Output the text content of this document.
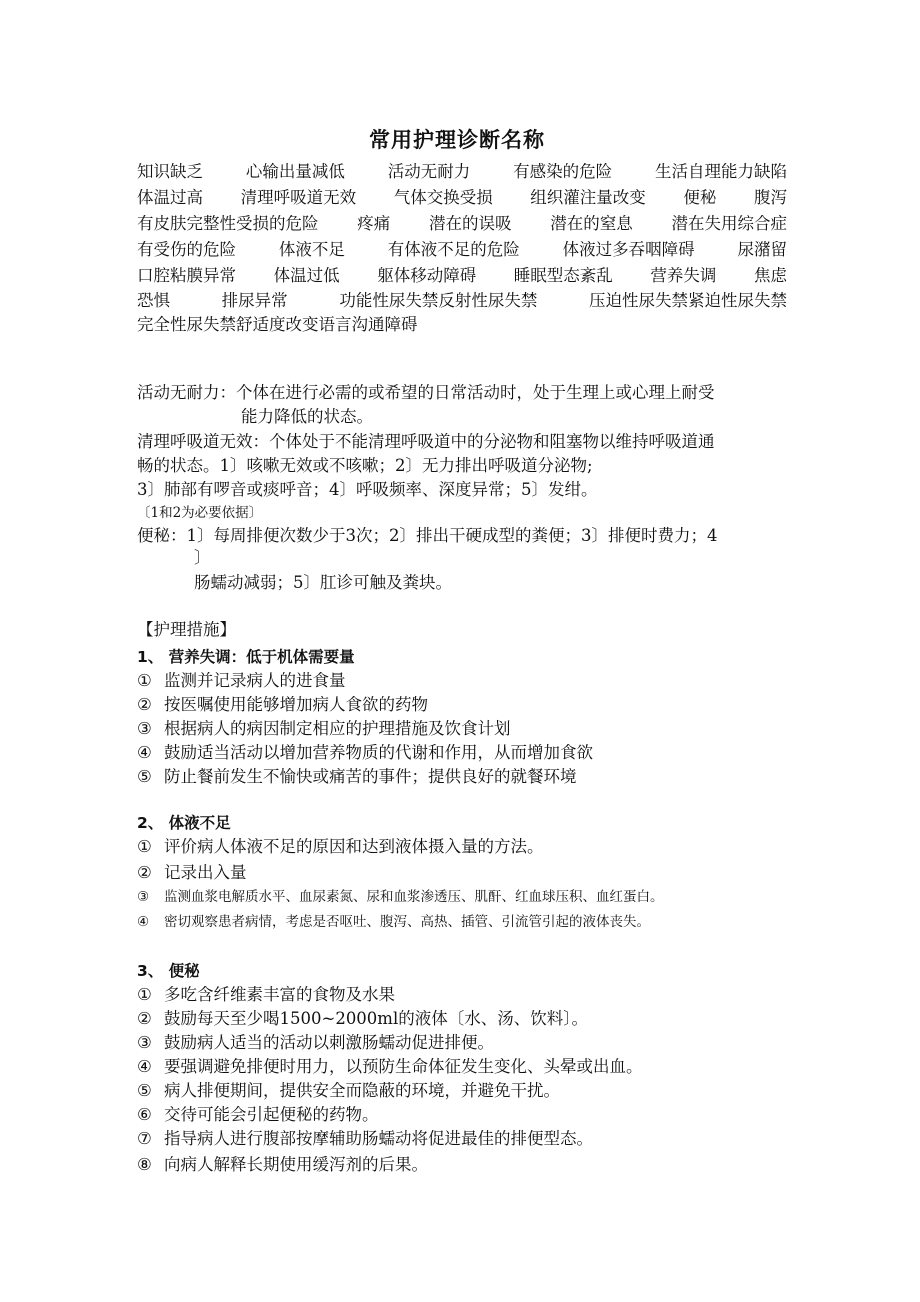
常用护理诊断名称
知识缺乏	心输出量减低	活动无耐力	有感染的危险	生活自理能力缺陷
体温过高 清理呼吸道无效 气体交换受损 组织灌注量改变 便秘 腹泻
有皮肤完整性受损的危险 疼痛 潜在的误吸 潜在的窒息 潜在失用综合症
有受伤的危险	体液不足	有体液不足的危险	体液过多吞咽障碍	尿潴留
口腔粘膜异常 体温过低 躯体移动障碍 睡眠型态紊乱 营养失调 焦虑
恐惧	排尿异常	功能性尿失禁反射性尿失禁	压迫性尿失禁紧迫性尿失禁
完全性尿失禁舒适度改变语言沟通障碍
活动无耐力：个体在进行必需的或希望的日常活动时，处于生理上或心理上耐受
能力降低的状态。
清理呼吸道无效：个体处于不能清理呼吸道中的分泌物和阻塞物以维持呼吸道通
畅的状态。1〕咳嗽无效或不咳嗽；2〕无力排出呼吸道分泌物;
3〕肺部有啰音或痰呼音；4〕呼吸频率、深度异常；5〕发绀。
〔1和2为必要依据〕
便秘：1〕每周排便次数少于3次；2〕排出干硬成型的粪便；3〕排便时费力；4
〕
肠蠕动减弱；5〕肛诊可触及粪块。
【护理措施】
1、 营养失调：低于机体需要量
① 监测并记录病人的进食量
② 按医嘱使用能够增加病人食欲的药物
③ 根据病人的病因制定相应的护理措施及饮食计划
④ 鼓励适当活动以增加营养物质的代谢和作用，从而增加食欲
⑤ 防止餐前发生不愉快或痛苦的事件；提供良好的就餐环境
2、 体液不足
① 评价病人体液不足的原因和达到液体摄入量的方法。
② 记录出入量
③ 监测血浆电解质水平、血尿素氮、尿和血浆渗透压、肌酐、红血球压积、血红蛋白。
④ 密切观察患者病情，考虑是否呕吐、腹泻、高热、插管、引流管引起的液体丧失。
3、 便秘
① 多吃含纤维素丰富的食物及水果
② 鼓励每天至少喝1500~2000ml的液体〔水、汤、饮料〕。
③ 鼓励病人适当的活动以刺激肠蠕动促进排便。
④ 要强调避免排便时用力，以预防生命体征发生变化、头晕或出血。
⑤ 病人排便期间，提供安全而隐蔽的环境，并避免干扰。
⑥ 交待可能会引起便秘的药物。
⑦ 指导病人进行腹部按摩辅助肠蠕动将促进最佳的排便型态。
⑧ 向病人解释长期使用缓泻剂的后果。
